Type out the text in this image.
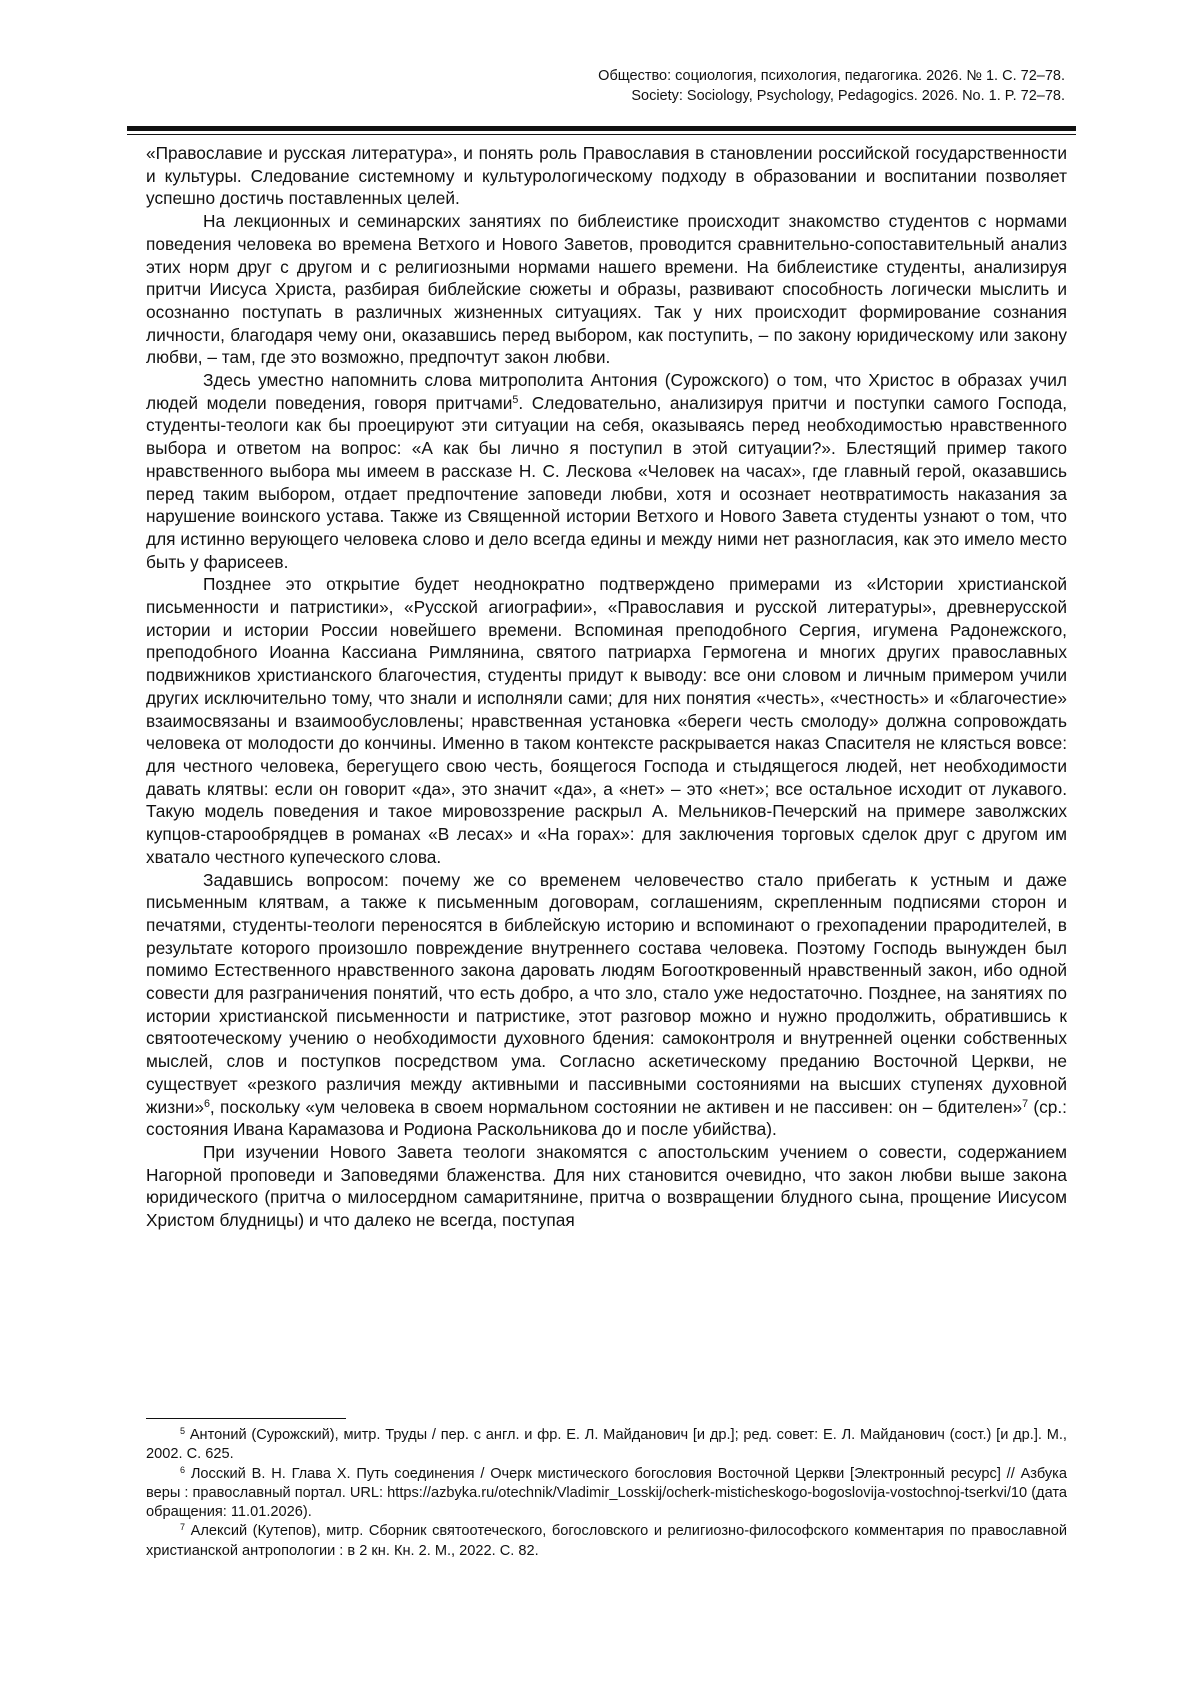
Общество: социология, психология, педагогика. 2026. № 1. С. 72–78.
Society: Sociology, Psychology, Pedagogics. 2026. No. 1. P. 72–78.

«Православие и русская литература», и понять роль Православия в становлении российской государственности и культуры. Следование системному и культурологическому подходу в образовании и воспитании позволяет успешно достичь поставленных целей.

На лекционных и семинарских занятиях по библеистике происходит знакомство студентов с нормами поведения человека во времена Ветхого и Нового Заветов, проводится сравнительно-сопоставительный анализ этих норм друг с другом и с религиозными нормами нашего времени. На библеистике студенты, анализируя притчи Иисуса Христа, разбирая библейские сюжеты и образы, развивают способность логически мыслить и осознанно поступать в различных жизненных ситуациях. Так у них происходит формирование сознания личности, благодаря чему они, оказавшись перед выбором, как поступить, – по закону юридическому или закону любви, – там, где это возможно, предпочтут закон любви.

Здесь уместно напомнить слова митрополита Антония (Сурожского) о том, что Христос в образах учил людей модели поведения, говоря притчами$^5$. Следовательно, анализируя притчи и поступки самого Господа, студенты-теологи как бы проецируют эти ситуации на себя, оказываясь перед необходимостью нравственного выбора и ответом на вопрос: «А как бы лично я поступил в этой ситуации?». Блестящий пример такого нравственного выбора мы имеем в рассказе Н. С. Лескова «Человек на часах», где главный герой, оказавшись перед таким выбором, отдает предпочтение заповеди любви, хотя и осознает неотвратимость наказания за нарушение воинского устава. Также из Священной истории Ветхого и Нового Завета студенты узнают о том, что для истинно верующего человека слово и дело всегда едины и между ними нет разногласия, как это имело место быть у фарисеев.

Позднее это открытие будет неоднократно подтверждено примерами из «Истории христианской письменности и патристики», «Русской агиографии», «Православия и русской литературы», древнерусской истории и истории России новейшего времени. Вспоминая преподобного Сергия, игумена Радонежского, преподобного Иоанна Кассиана Римлянина, святого патриарха Гермогена и многих других православных подвижников христианского благочестия, студенты придут к выводу: все они словом и личным примером учили других исключительно тому, что знали и исполняли сами; для них понятия «честь», «честность» и «благочестие» взаимосвязаны и взаимообусловлены; нравственная установка «береги честь смолоду» должна сопровождать человека от молодости до кончины. Именно в таком контексте раскрывается наказ Спасителя не клясться вовсе: для честного человека, берегущего свою честь, боящегося Господа и стыдящегося людей, нет необходимости давать клятвы: если он говорит «да», это значит «да», а «нет» – это «нет»; все остальное исходит от лукавого. Такую модель поведения и такое мировоззрение раскрыл А. Мельников-Печерский на примере заволжских купцов-старообрядцев в романах «В лесах» и «На горах»: для заключения торговых сделок друг с другом им хватало честного купеческого слова.

Задавшись вопросом: почему же со временем человечество стало прибегать к устным и даже письменным клятвам, а также к письменным договорам, соглашениям, скрепленным подписями сторон и печатями, студенты-теологи переносятся в библейскую историю и вспоминают о грехопадении прародителей, в результате которого произошло повреждение внутреннего состава человека. Поэтому Господь вынужден был помимо Естественного нравственного закона даровать людям Богооткровенный нравственный закон, ибо одной совести для разграничения понятий, что есть добро, а что зло, стало уже недостаточно. Позднее, на занятиях по истории христианской письменности и патристике, этот разговор можно и нужно продолжить, обратившись к святоотеческому учению о необходимости духовного бдения: самоконтроля и внутренней оценки собственных мыслей, слов и поступков посредством ума. Согласно аскетическому преданию Восточной Церкви, не существует «резкого различия между активными и пассивными состояниями на высших ступенях духовной жизни»$^6$, поскольку «ум человека в своем нормальном состоянии не активен и не пассивен: он – бдителен»$^7$ (ср.: состояния Ивана Карамазова и Родиона Раскольникова до и после убийства).

При изучении Нового Завета теологи знакомятся с апостольским учением о совести, содержанием Нагорной проповеди и Заповедями блаженства. Для них становится очевидно, что закон любви выше закона юридического (притча о милосердном самаритянине, притча о возвращении блудного сына, прощение Иисусом Христом блудницы) и что далеко не всегда, поступая

$^5$ Антоний (Сурожский), митр. Труды / пер. с англ. и фр. Е. Л. Майданович [и др.]; ред. совет: Е. Л. Майданович (сост.) [и др.]. М., 2002. С. 625.

$^6$ Лосский В. Н. Глава X. Путь соединения / Очерк мистического богословия Восточной Церкви [Электронный ресурс] // Азбука веры : православный портал. URL: https://azbyka.ru/otechnik/Vladimir_Losskij/ocherk-misticheskogo-bogoslovija-vostochnoj-tserkvi/10 (дата обращения: 11.01.2026).

$^7$ Алексий (Кутепов), митр. Сборник святоотеческого, богословского и религиозно-философского комментария по православной христианской антропологии : в 2 кн. Кн. 2. М., 2022. С. 82.
